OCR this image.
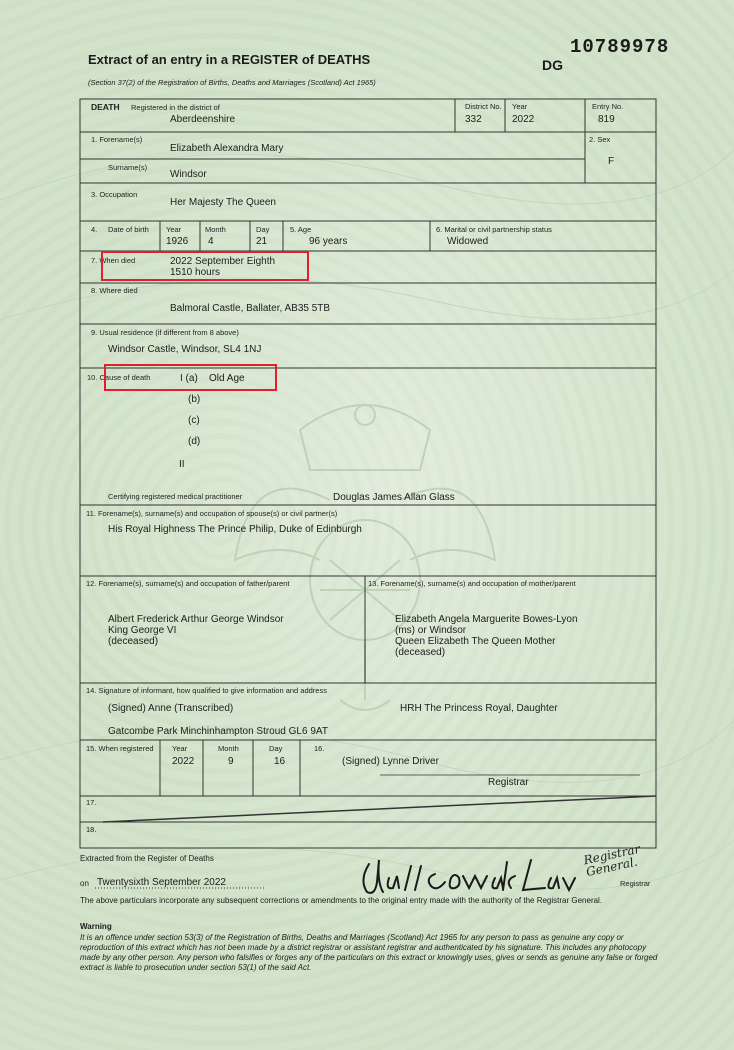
Extract of an entry in a REGISTER of DEATHS
(Section 37(2) of the Registration of Births, Deaths and Marriages (Scotland) Act 1965)
10789978
DG
DEATH Registered in the district of
Aberdeenshire
District No.
332
Year
2022
Entry No.
819
1. Forename(s)
Elizabeth Alexandra Mary
2. Sex
F
Surname(s)
Windsor
3. Occupation
Her Majesty The Queen
4. Date of birth	Year
1926
Month
4
Day
21
5. Age
96 years
6. Marital or civil partnership status
Widowed
7. When died	2022 September Eighth
1510 hours
8. Where died
Balmoral Castle, Ballater, AB35 5TB
9. Usual residence (if different from 8 above)
Windsor Castle, Windsor, SL4 1NJ
10. Cause of death	I (a) Old Age
(b)
(c)
(d)
II
Certifying registered medical practitioner	Douglas James Allan Glass
11. Forename(s), surname(s) and occupation of spouse(s) or civil partner(s)
His Royal Highness The Prince Philip, Duke of Edinburgh
12. Forename(s), surname(s) and occupation of father/parent
Albert Frederick Arthur George Windsor
King George VI
(deceased)
13. Forename(s), surname(s) and occupation of mother/parent
Elizabeth Angela Marguerite Bowes-Lyon
(ms) or Windsor
Queen Elizabeth The Queen Mother
(deceased)
14. Signature of informant, how qualified to give information and address
(Signed) Anne (Transcribed)	HRH The Princess Royal, Daughter
Gatcombe Park Minchinhampton Stroud GL6 9AT
15. When registered	Year
2022
Month
9
Day
16
16.
(Signed) Lynne Driver
Registrar
17.
18.
Extracted from the Register of Deaths
on Twentysixth September 2022
Registrar General.
Registrar
The above particulars incorporate any subsequent corrections or amendments to the original entry made with the authority of the Registrar General.
Warning
It is an offence under section 53(3) of the Registration of Births, Deaths and Marriages (Scotland) Act 1965 for any person to pass as genuine any copy or reproduction of this extract which has not been made by a district registrar or assistant registrar and authenticated by his signature. This includes any photocopy made by any other person. Any person who falsifies or forges any of the particulars on this extract or knowingly uses, gives or sends as genuine any false or forged extract is liable to prosecution under section 53(1) of the said Act.
